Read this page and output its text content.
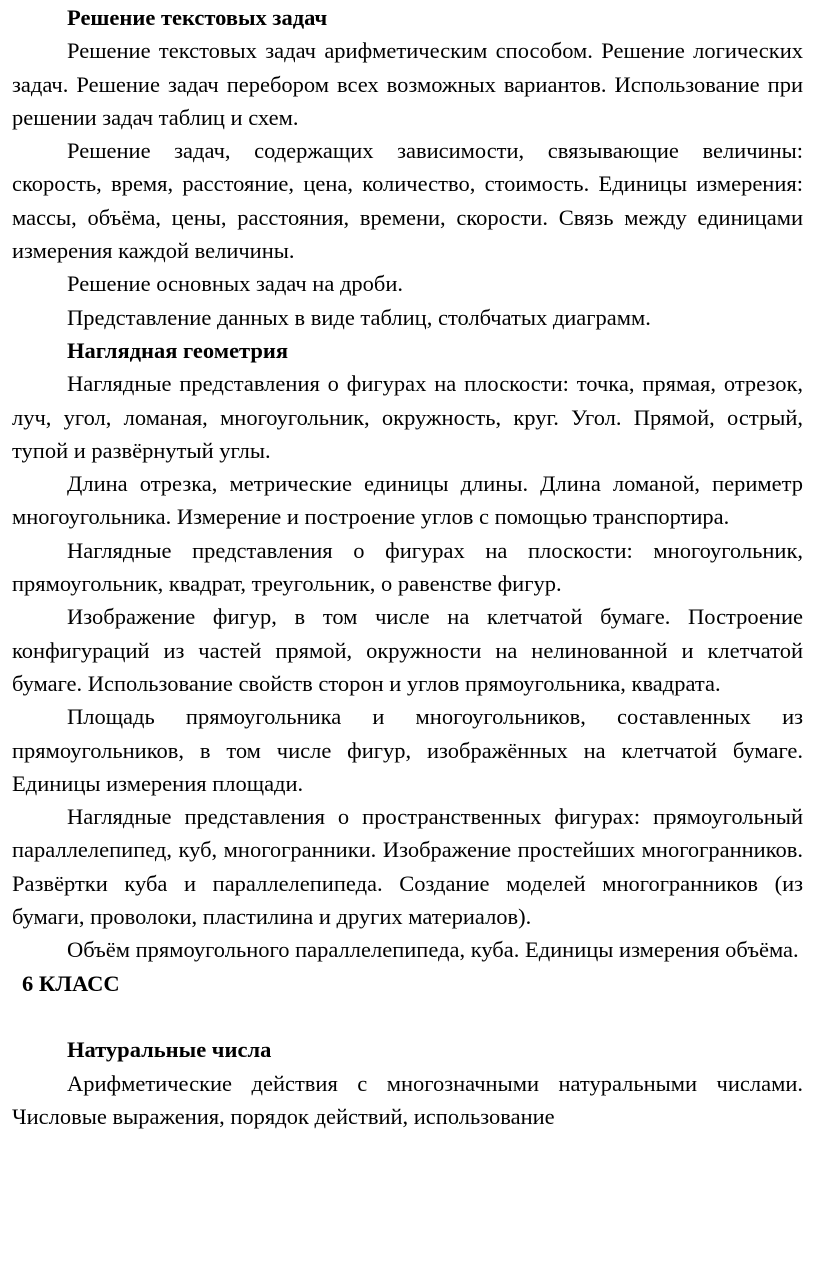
Решение текстовых задач

Решение текстовых задач арифметическим способом. Решение логических задач. Решение задач перебором всех возможных вариантов. Использование при решении задач таблиц и схем.

Решение задач, содержащих зависимости, связывающие величины: скорость, время, расстояние, цена, количество, стоимость. Единицы измерения: массы, объёма, цены, расстояния, времени, скорости. Связь между единицами измерения каждой величины.

Решение основных задач на дроби.

Представление данных в виде таблиц, столбчатых диаграмм.

Наглядная геометрия

Наглядные представления о фигурах на плоскости: точка, прямая, отрезок, луч, угол, ломаная, многоугольник, окружность, круг. Угол. Прямой, острый, тупой и развёрнутый углы.

Длина отрезка, метрические единицы длины. Длина ломаной, периметр многоугольника. Измерение и построение углов с помощью транспортира.

Наглядные представления о фигурах на плоскости: многоугольник, прямоугольник, квадрат, треугольник, о равенстве фигур.

Изображение фигур, в том числе на клетчатой бумаге. Построение конфигураций из частей прямой, окружности на нелинованной и клетчатой бумаге. Использование свойств сторон и углов прямоугольника, квадрата.

Площадь прямоугольника и многоугольников, составленных из прямоугольников, в том числе фигур, изображённых на клетчатой бумаге. Единицы измерения площади.

Наглядные представления о пространственных фигурах: прямоугольный параллелепипед, куб, многогранники. Изображение простейших многогранников. Развёртки куба и параллелепипеда. Создание моделей многогранников (из бумаги, проволоки, пластилина и других материалов).

Объём прямоугольного параллелепипеда, куба. Единицы измерения объёма.

6 КЛАСС

Натуральные числа

Арифметические действия с многозначными натуральными числами. Числовые выражения, порядок действий, использование
